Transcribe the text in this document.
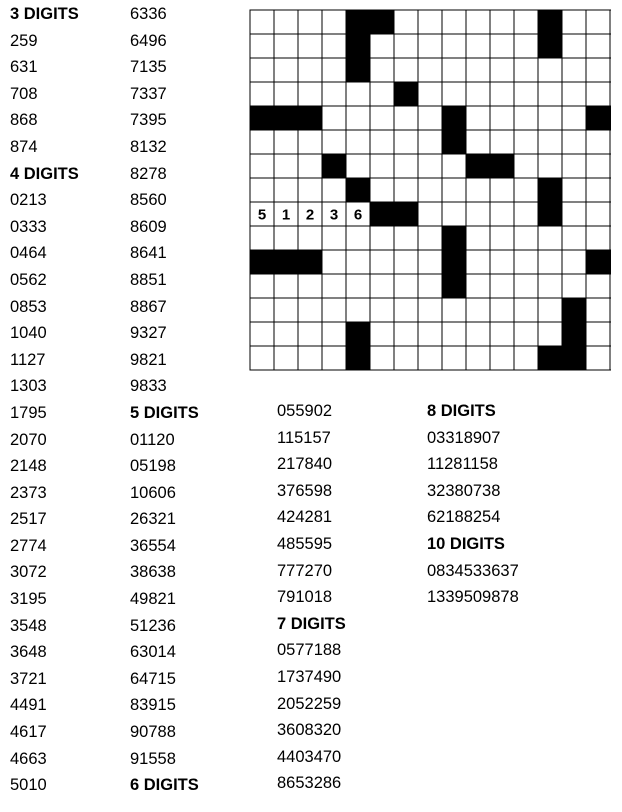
3 DIGITS
259
631
708
868
874
4 DIGITS
0213
0333
0464
0562
0853
1040
1127
1303
1795
2070
2148
2373
2517
2774
3072
3195
3548
3648
3721
4491
4617
4663
5010
6336
6496
7135
7337
7395
8132
8278
8560
8609
8641
8851
8867
9327
9821
9833
5 DIGITS
01120
05198
10606
26321
36554
38638
49821
51236
63014
64715
83915
90788
91558
6 DIGITS
055902
115157
217840
376598
424281
485595
777270
791018
7 DIGITS
0577188
1737490
2052259
3608320
4403470
8653286
8 DIGITS
03318907
11281158
32380738
62188254
10 DIGITS
0834533637
1339509878
5 1 2 3 6
